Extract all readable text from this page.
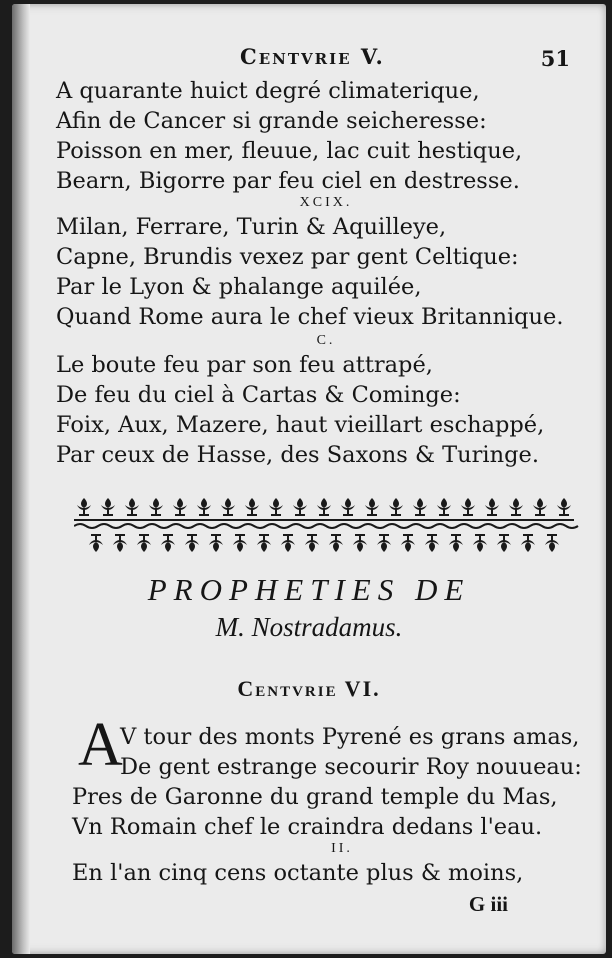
Centvrie V.	51
A quarante huict degré climaterique,
Afin de Cancer si grande seicheresse:
Poisson en mer, fleuue, lac cuit hestique,
Bearn, Bigorre par feu ciel en destresse.
XCIX.
Milan, Ferrare, Turin & Aquilleye,
Capne, Brundis vexez par gent Celtique:
Par le Lyon & phalange aquilée,
Quand Rome aura le chef vieux Britannique.
C.
Le boute feu par son feu attrapé,
De feu du ciel à Cartas & Cominge:
Foix, Aux, Mazere, haut vieillart eschappé,
Par ceux de Hasse, des Saxons & Turinge.
PROPHETIES DE
M. Nostradamus.
Centvrie VI.
A
V tour des monts Pyrené es grans amas,
De gent estrange secourir Roy nouueau:
Pres de Garonne du grand temple du Mas,
Vn Romain chef le craindra dedans l'eau.
II.
En l'an cinq cens octante plus & moins,
G iii
